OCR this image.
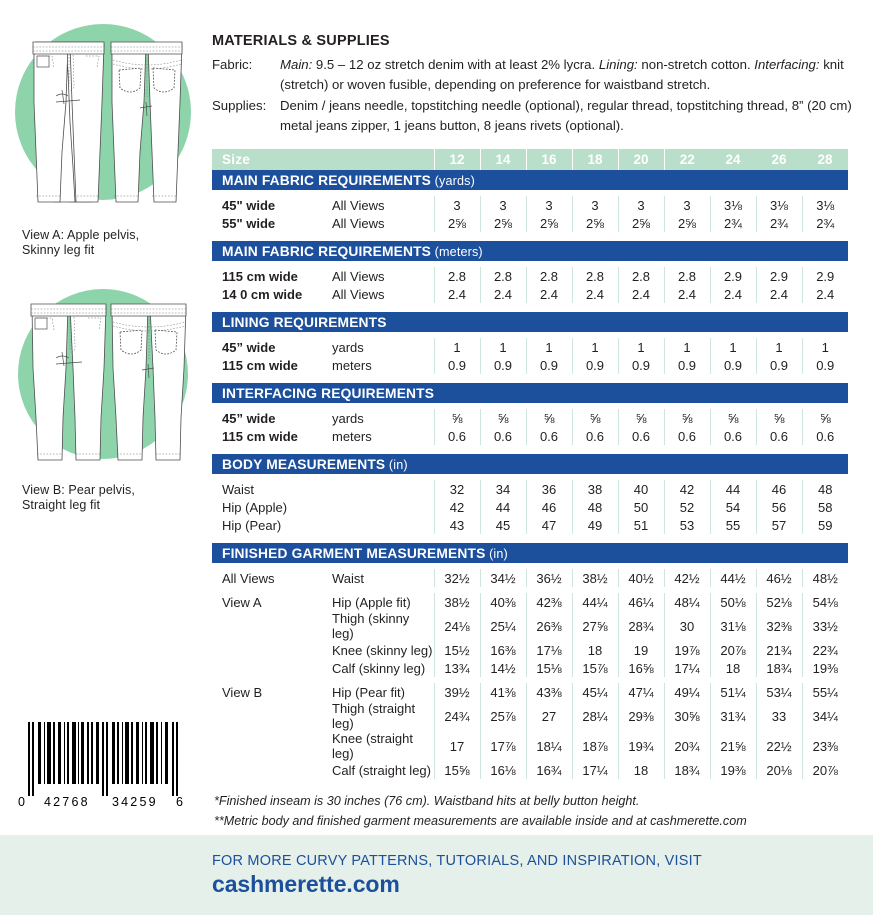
View A: Apple pelvis,
Skinny leg fit
View B: Pear pelvis,
Straight leg fit
0 42768 34259 6
MATERIALS & SUPPLIES
Fabric:	Main: 9.5 – 12 oz stretch denim with at least 2% lycra. Lining: non-stretch cotton. Interfacing: knit (stretch) or woven fusible, depending on preference for waistband stretch.
Supplies:	Denim / jeans needle, topstitching needle (optional), regular thread, topstitching thread, 8” (20 cm) metal jeans zipper, 1 jeans button, 8 jeans rivets (optional).
Size		12	14	16	18	20	22	24	26	28
MAIN FABRIC REQUIREMENTS (yards)										

45" wide	All Views	3	3	3	3	3	3	3⅛	3⅛	3⅛
55" wide	All Views	2⅝	2⅝	2⅝	2⅝	2⅝	2⅝	2¾	2¾	2¾

MAIN FABRIC REQUIREMENTS (meters)										

115 cm wide	All Views	2.8	2.8	2.8	2.8	2.8	2.8	2.9	2.9	2.9
14 0 cm wide	All Views	2.4	2.4	2.4	2.4	2.4	2.4	2.4	2.4	2.4

LINING REQUIREMENTS										

45” wide	yards	1	1	1	1	1	1	1	1	1
115 cm wide	meters	0.9	0.9	0.9	0.9	0.9	0.9	0.9	0.9	0.9

INTERFACING REQUIREMENTS										

45” wide	yards	⅝	⅝	⅝	⅝	⅝	⅝	⅝	⅝	⅝
115 cm wide	meters	0.6	0.6	0.6	0.6	0.6	0.6	0.6	0.6	0.6

BODY MEASUREMENTS (in)										

Waist		32	34	36	38	40	42	44	46	48
Hip (Apple)		42	44	46	48	50	52	54	56	58
Hip (Pear)		43	45	47	49	51	53	55	57	59

FINISHED GARMENT MEASUREMENTS (in)										

All Views	Waist	32½	34½	36½	38½	40½	42½	44½	46½	48½

View A	Hip (Apple fit)	38½	40⅜	42⅜	44¼	46¼	48¼	50⅛	52⅛	54⅛
	Thigh (skinny leg)	24⅛	25¼	26⅜	27⅝	28¾	30	31⅛	32⅜	33½
	Knee (skinny leg)	15½	16⅜	17⅛	18	19	19⅞	20⅞	21¾	22¾
	Calf (skinny leg)	13¾	14½	15⅛	15⅞	16⅝	17¼	18	18¾	19⅜

View B	Hip (Pear fit)	39½	41⅜	43⅜	45¼	47¼	49¼	51¼	53¼	55¼
	Thigh (straight leg)	24¾	25⅞	27	28¼	29⅜	30⅝	31¾	33	34¼
	Knee (straight leg)	17	17⅞	18¼	18⅞	19¾	20¾	21⅝	22½	23⅜
	Calf (straight leg)	15⅝	16⅛	16¾	17¼	18	18¾	19⅜	20⅛	20⅞
*Finished inseam is 30 inches (76 cm). Waistband hits at belly button height.
**Metric body and finished garment measurements are available inside and at cashmerette.com
FOR MORE CURVY PATTERNS, TUTORIALS, AND INSPIRATION, VISIT
cashmerette.com
